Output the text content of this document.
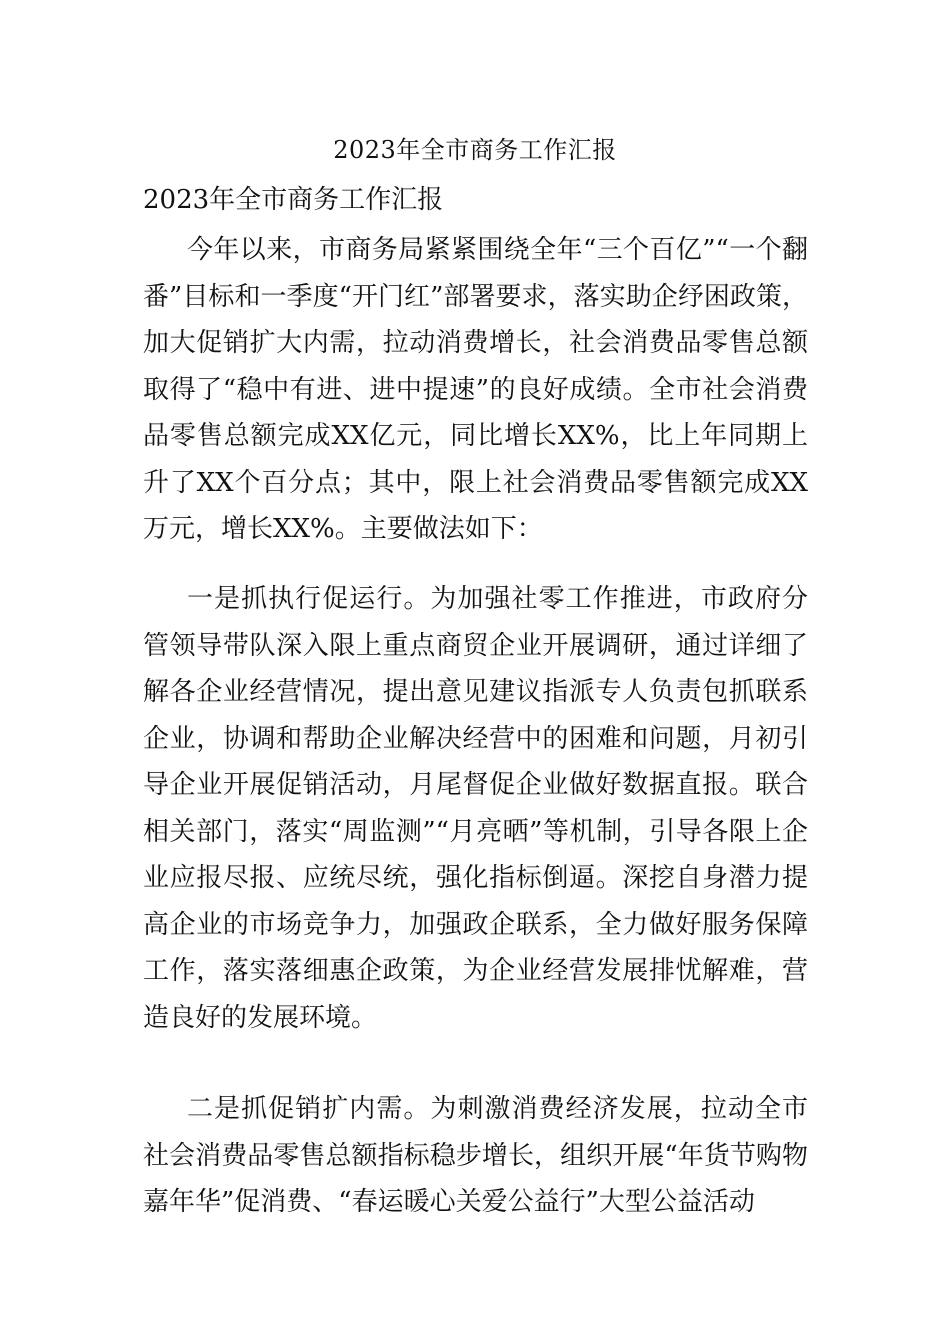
2023年全市商务工作汇报
2023年全市商务工作汇报

今年以来，市商务局紧紧围绕全年“三个百亿”“一个翻番”目标和一季度“开门红”部署要求，落实助企纾困政策，加大促销扩大内需，拉动消费增长，社会消费品零售总额取得了“稳中有进、进中提速”的良好成绩。全市社会消费品零售总额完成XX亿元，同比增长XX%，比上年同期上升了XX个百分点；其中，限上社会消费品零售额完成XX万元，增长XX%。主要做法如下：

一是抓执行促运行。为加强社零工作推进，市政府分管领导带队深入限上重点商贸企业开展调研，通过详细了解各企业经营情况，提出意见建议指派专人负责包抓联系企业，协调和帮助企业解决经营中的困难和问题，月初引导企业开展促销活动，月尾督促企业做好数据直报。联合相关部门，落实“周监测”“月亮晒”等机制，引导各限上企业应报尽报、应统尽统，强化指标倒逼。深挖自身潜力提高企业的市场竞争力，加强政企联系，全力做好服务保障工作，落实落细惠企政策，为企业经营发展排忧解难，营造良好的发展环境。

二是抓促销扩内需。为刺激消费经济发展，拉动全市社会消费品零售总额指标稳步增长，组织开展“年货节购物嘉年华”促消费、“春运暖心关爱公益行”大型公益活动
